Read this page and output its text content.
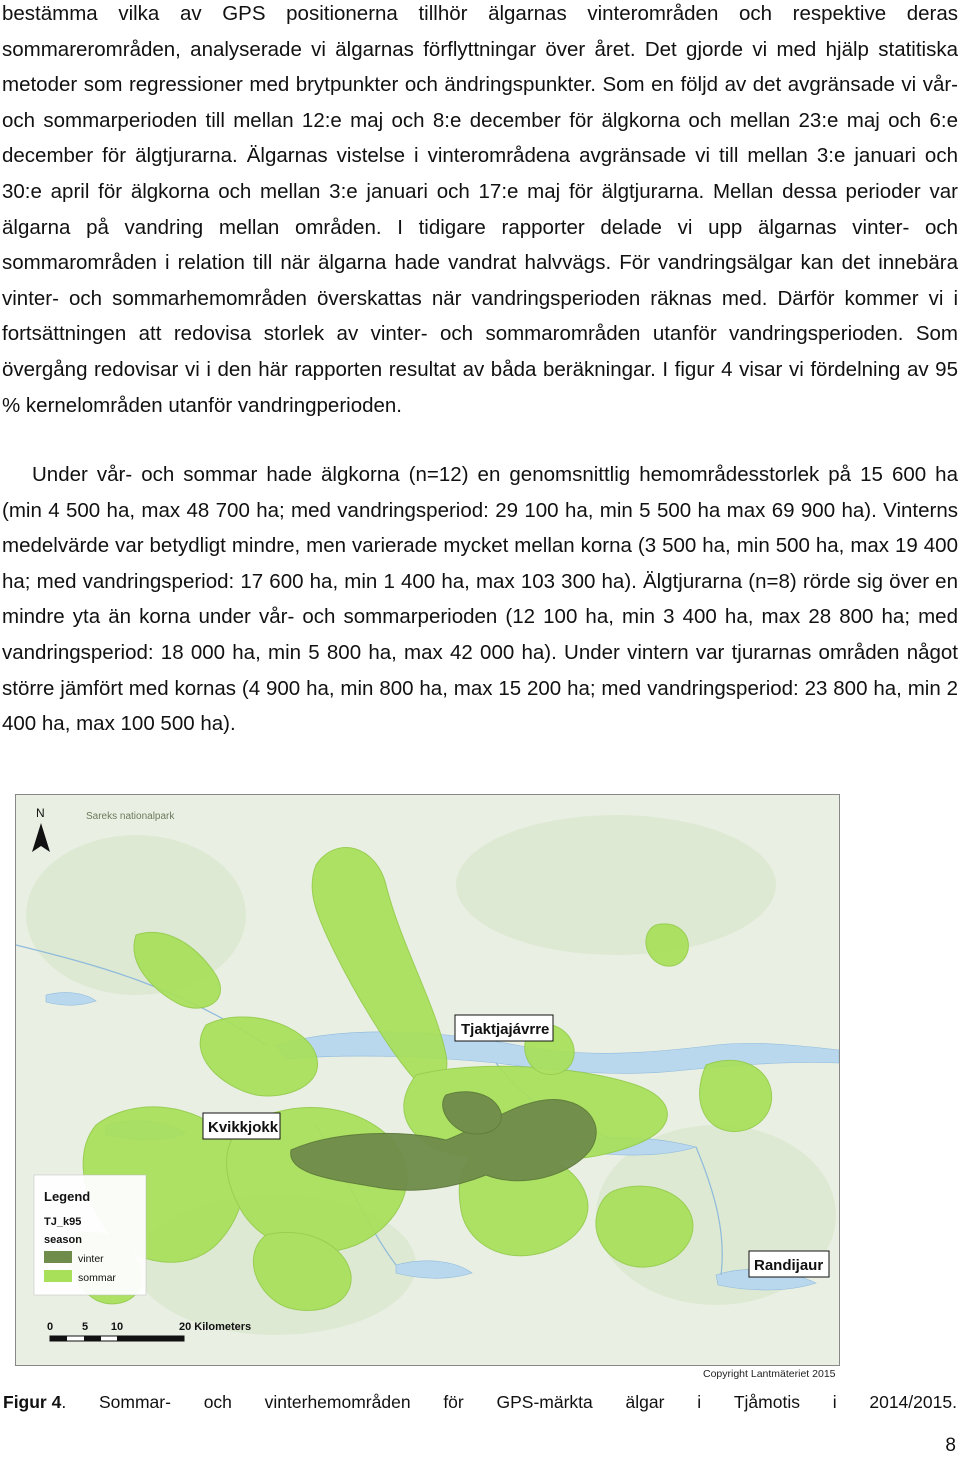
bestämma vilka av GPS positionerna tillhör älgarnas vinterområden och respektive deras sommarerområden, analyserade vi älgarnas förflyttningar över året. Det gjorde vi med hjälp statitiska metoder som regressioner med brytpunkter och ändringspunkter. Som en följd av det avgränsade vi vår- och sommarperioden till mellan 12:e maj och 8:e december för älgkorna och mellan 23:e maj och 6:e december för älgtjurarna. Älgarnas vistelse i vinterområdena avgränsade vi till mellan 3:e januari och 30:e april för älgkorna och mellan 3:e januari och 17:e maj för älgtjurarna. Mellan dessa perioder var älgarna på vandring mellan områden. I tidigare rapporter delade vi upp älgarnas vinter- och sommarområden i relation till när älgarna hade vandrat halvvägs. För vandringsälgar kan det innebära vinter- och sommarhemområden överskattas när vandringsperioden räknas med. Därför kommer vi i fortsättningen att redovisa storlek av vinter- och sommarområden utanför vandringsperioden. Som övergång redovisar vi i den här rapporten resultat av båda beräkningar. I figur 4 visar vi fördelning av 95 % kernelområden utanför vandringperioden.
Under vår- och sommar hade älgkorna (n=12) en genomsnittlig hemområdesstorlek på 15 600 ha (min 4 500 ha, max 48 700 ha; med vandringsperiod: 29 100 ha, min 5 500 ha max 69 900 ha). Vinterns medelvärde var betydligt mindre, men varierade mycket mellan korna (3 500 ha, min 500 ha, max 19 400 ha; med vandringsperiod: 17 600 ha, min 1 400 ha, max 103 300 ha). Älgtjurarna (n=8) rörde sig över en mindre yta än korna under vår- och sommarperioden (12 100 ha, min 3 400 ha, max 28 800 ha; med vandringsperiod: 18 000 ha, min 5 800 ha, max 42 000 ha). Under vintern var tjurarnas områden något större jämfört med kornas (4 900 ha, min 800 ha, max 15 200 ha; med vandringsperiod: 23 800 ha, min 2 400 ha, max 100 500 ha).
Sareks nationalpark
N
Tjaktjajávrre
Kvikkjokk
Randijaur
Legend
TJ_k95
season
vinter
sommar
0	5 10	20 Kilometers
Copyright Lantmäteriet 2015
Figur 4. Sommar- och vinterhemområden för GPS-märkta älgar i Tjåmotis i 2014/2015.
8
